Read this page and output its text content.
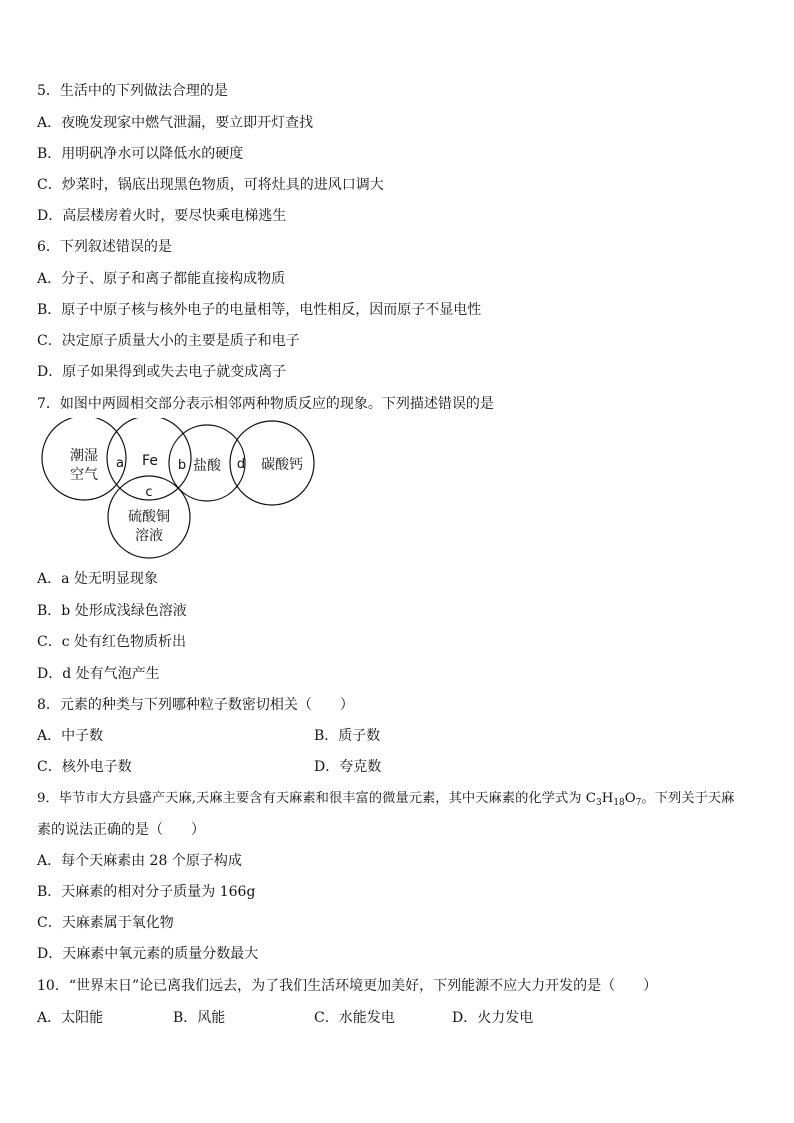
5．生活中的下列做法合理的是
A．夜晚发现家中燃气泄漏，要立即开灯查找
B．用明矾净水可以降低水的硬度
C．炒菜时，锅底出现黑色物质，可将灶具的进风口调大
D．高层楼房着火时，要尽快乘电梯逃生
6．下列叙述错误的是
A．分子、原子和离子都能直接构成物质
B．原子中原子核与核外电子的电量相等，电性相反，因而原子不显电性
C．决定原子质量大小的主要是质子和电子
D．原子如果得到或失去电子就变成离子
7．如图中两圆相交部分表示相邻两种物质反应的现象。下列描述错误的是
潮湿
空气
Fe	盐酸	碳酸钙
硫酸铜
溶液
a	b
c
d
A．a 处无明显现象
B．b 处形成浅绿色溶液
C．c 处有红色物质析出
D．d 处有气泡产生
8．元素的种类与下列哪种粒子数密切相关（　　）
A．中子数	B．质子数
C．核外电子数	D．夸克数
9．毕节市大方县盛产天麻,天麻主要含有天麻素和很丰富的微量元素，其中天麻素的化学式为 $C_3H_{18}O_7$。下列关于天麻
素的说法正确的是（　　）
A．每个天麻素由 28 个原子构成
B．天麻素的相对分子质量为 166g
C．天麻素属于氧化物
D．天麻素中氧元素的质量分数最大
10．“世界末日”论已离我们远去，为了我们生活环境更加美好，下列能源不应大力开发的是（　　）
A．太阳能	B．风能	C．水能发电	D．火力发电
